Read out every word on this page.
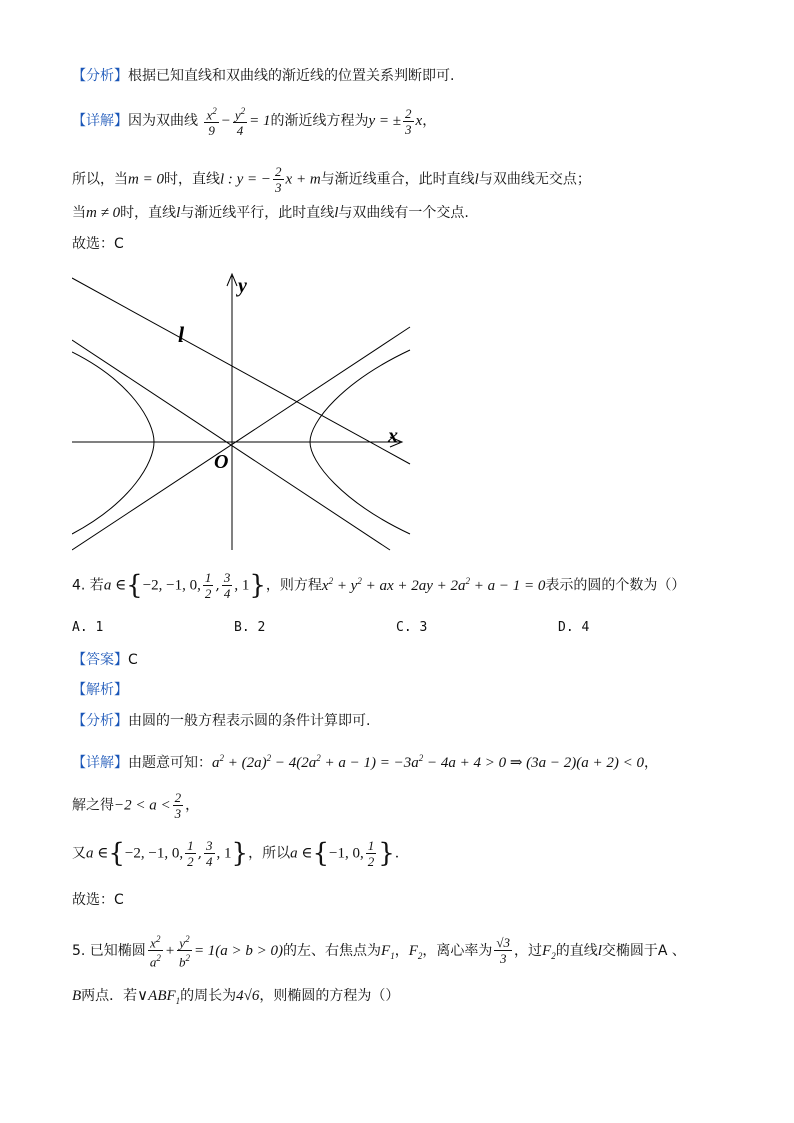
【分析】根据已知直线和双曲线的渐近线的位置关系判断即可.
【详解】因为双曲线 $\frac{x^2}{9} - \frac{y^2}{4} = 1$的渐近线方程为y = ± $\frac{2}{3}$ x，
所以，当m = 0时，直线l : y = − $\frac{2}{3}$ x + m与渐近线重合，此时直线l与双曲线无交点；
当m ≠ 0时，直线l与渐近线平行，此时直线l与双曲线有一个交点.
故选：C
y
x
O
l
4. 若a ∈{−2, −1, 0, $\frac{1}{2}$ , $\frac{3}{4}$ , 1}，则方程$x^2 + y^2$ + ax + $2ay + 2a^2 + a - 1 = 0$表示的圆的个数为（）
A. 1	B. 2	C. 3	D. 4
【答案】C
【解析】
【分析】由圆的一般方程表示圆的条件计算即可.
【详解】由题意可知：$a^2 + (2a)^2 - 4(2a^2 + a - 1) = -3a^2 - 4a + 4 > 0$ ⇒ (3a − 2)(a + 2) < 0，
解之得$-2 < a < \frac{2}{3}$ ，
又a ∈{−2, −1, 0, $\frac{1}{2}$ , $\frac{3}{4}$ , 1}，所以a ∈{−1, 0, $\frac{1}{2}$ }.
故选：C
5. 已知椭圆 $\frac{x^2}{a^2} + \frac{y^2}{b^2} = 1(a > b > 0)$的左、右焦点为$F_1$，$F_2$，离心率为 $\frac{√3}{3}$ ，过$F_2$的直线l交椭圆于A 、
B两点．若$\vee ABF_1$的周长为4√6，则椭圆的方程为（）
